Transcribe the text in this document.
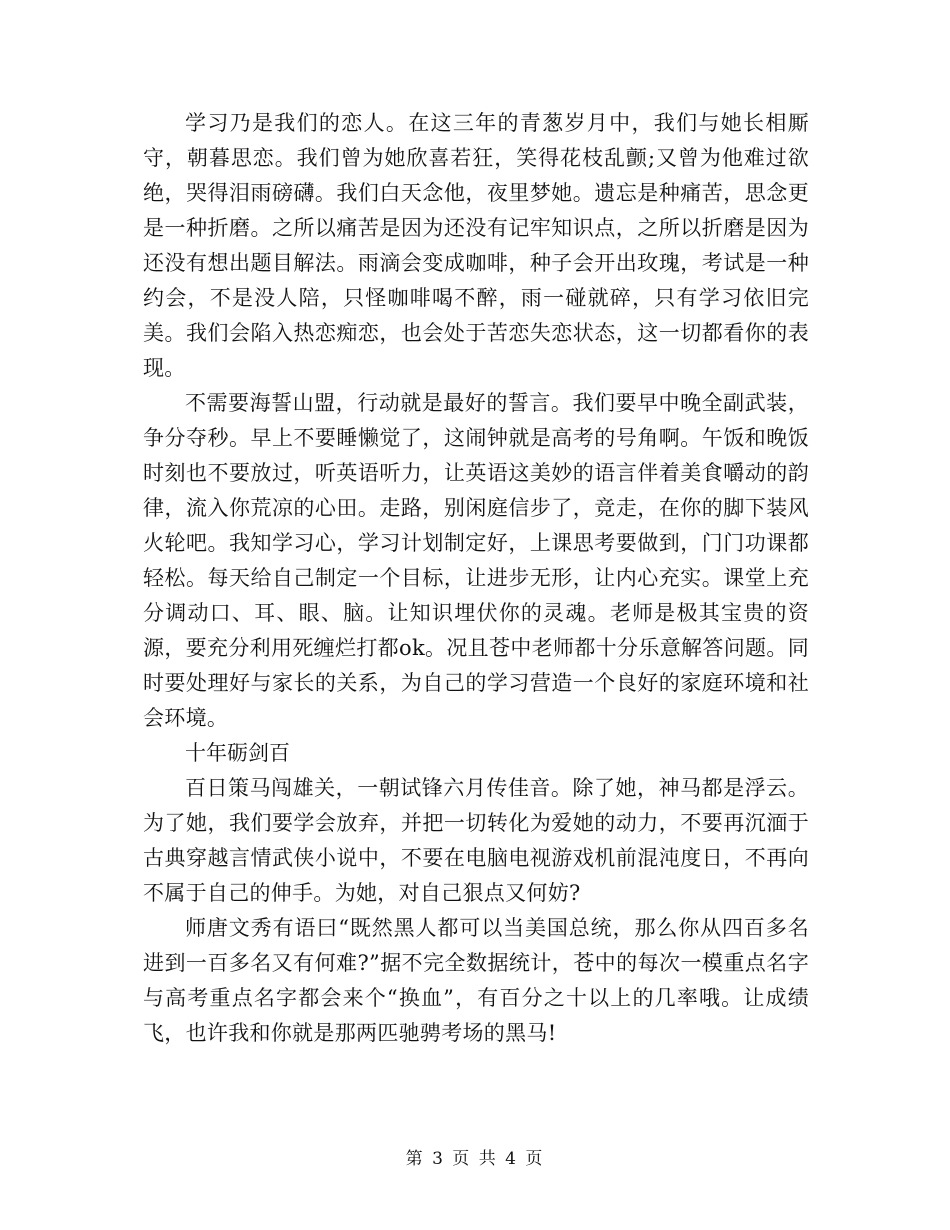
学习乃是我们的恋人。在这三年的青葱岁月中，我们与她长相厮守，朝暮思恋。我们曾为她欣喜若狂，笑得花枝乱颤;又曾为他难过欲绝，哭得泪雨磅礴。我们白天念他，夜里梦她。遗忘是种痛苦，思念更是一种折磨。之所以痛苦是因为还没有记牢知识点，之所以折磨是因为还没有想出题目解法。雨滴会变成咖啡，种子会开出玫瑰，考试是一种约会，不是没人陪，只怪咖啡喝不醉，雨一碰就碎，只有学习依旧完美。我们会陷入热恋痴恋，也会处于苦恋失恋状态，这一切都看你的表现。

不需要海誓山盟，行动就是最好的誓言。我们要早中晚全副武装，争分夺秒。早上不要睡懒觉了，这闹钟就是高考的号角啊。午饭和晚饭时刻也不要放过，听英语听力，让英语这美妙的语言伴着美食嚼动的韵律，流入你荒凉的心田。走路，别闲庭信步了，竞走，在你的脚下装风火轮吧。我知学习心，学习计划制定好，上课思考要做到，门门功课都轻松。每天给自己制定一个目标，让进步无形，让内心充实。课堂上充分调动口、耳、眼、脑。让知识埋伏你的灵魂。老师是极其宝贵的资源，要充分利用死缠烂打都ok。况且苍中老师都十分乐意解答问题。同时要处理好与家长的关系，为自己的学习营造一个良好的家庭环境和社会环境。

十年砺剑百

百日策马闯雄关，一朝试锋六月传佳音。除了她，神马都是浮云。为了她，我们要学会放弃，并把一切转化为爱她的动力，不要再沉湎于古典穿越言情武侠小说中，不要在电脑电视游戏机前混沌度日，不再向不属于自己的伸手。为她，对自己狠点又何妨?

师唐文秀有语曰“既然黑人都可以当美国总统，那么你从四百多名进到一百多名又有何难?”据不完全数据统计，苍中的每次一模重点名字与高考重点名字都会来个“换血”，有百分之十以上的几率哦。让成绩飞，也许我和你就是那两匹驰骋考场的黑马!

第 3 页 共 4 页
